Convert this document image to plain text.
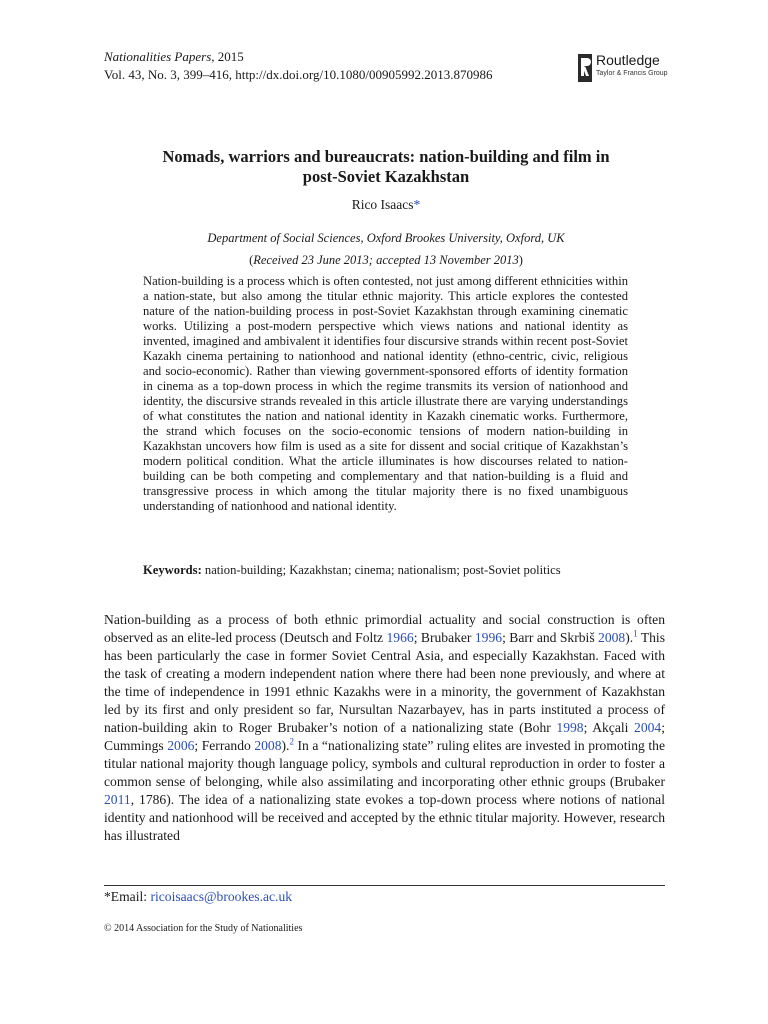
Nationalities Papers, 2015
Vol. 43, No. 3, 399–416, http://dx.doi.org/10.1080/00905992.2013.870986
Routledge
Taylor & Francis Group
Nomads, warriors and bureaucrats: nation-building and film in
post-Soviet Kazakhstan
Rico Isaacs*
Department of Social Sciences, Oxford Brookes University, Oxford, UK
(Received 23 June 2013; accepted 13 November 2013)

Nation-building is a process which is often contested, not just among different ethnicities within a nation-state, but also among the titular ethnic majority. This article explores the contested nature of the nation-building process in post-Soviet Kazakhstan through examining cinematic works. Utilizing a post-modern perspective which views nations and national identity as invented, imagined and ambivalent it identifies four discursive strands within recent post-Soviet Kazakh cinema pertaining to nationhood and national identity (ethno-centric, civic, religious and socio-economic). Rather than viewing government-sponsored efforts of identity formation in cinema as a top-down process in which the regime transmits its version of nationhood and identity, the discursive strands revealed in this article illustrate there are varying understandings of what constitutes the nation and national identity in Kazakh cinematic works. Furthermore, the strand which focuses on the socio-economic tensions of modern nation-building in Kazakhstan uncovers how film is used as a site for dissent and social critique of Kazakhstan’s modern political condition. What the article illuminates is how discourses related to nation-building can be both competing and complementary and that nation-building is a fluid and transgressive process in which among the titular majority there is no fixed unambiguous understanding of nationhood and national identity.

Keywords: nation-building; Kazakhstan; cinema; nationalism; post-Soviet politics

Nation-building as a process of both ethnic primordial actuality and social construction is often observed as an elite-led process (Deutsch and Foltz 1966; Brubaker 1996; Barr and Skrbiš 2008).$^1$ This has been particularly the case in former Soviet Central Asia, and especially Kazakhstan. Faced with the task of creating a modern independent nation where there had been none previously, and where at the time of independence in 1991 ethnic Kazakhs were in a minority, the government of Kazakhstan led by its first and only president so far, Nursultan Nazarbayev, has in parts instituted a process of nation-building akin to Roger Brubaker’s notion of a nationalizing state (Bohr 1998; Akçali 2004; Cummings 2006; Ferrando 2008).$^2$ In a “nationalizing state” ruling elites are invested in promoting the titular national majority though language policy, symbols and cultural reproduction in order to foster a common sense of belonging, while also assimilating and incorporating other ethnic groups (Brubaker 2011, 1786). The idea of a nationalizing state evokes a top-down process where notions of national identity and nationhood will be received and accepted by the ethnic titular majority. However, research has illustrated

*Email: ricoisaacs@brookes.ac.uk
© 2014 Association for the Study of Nationalities
